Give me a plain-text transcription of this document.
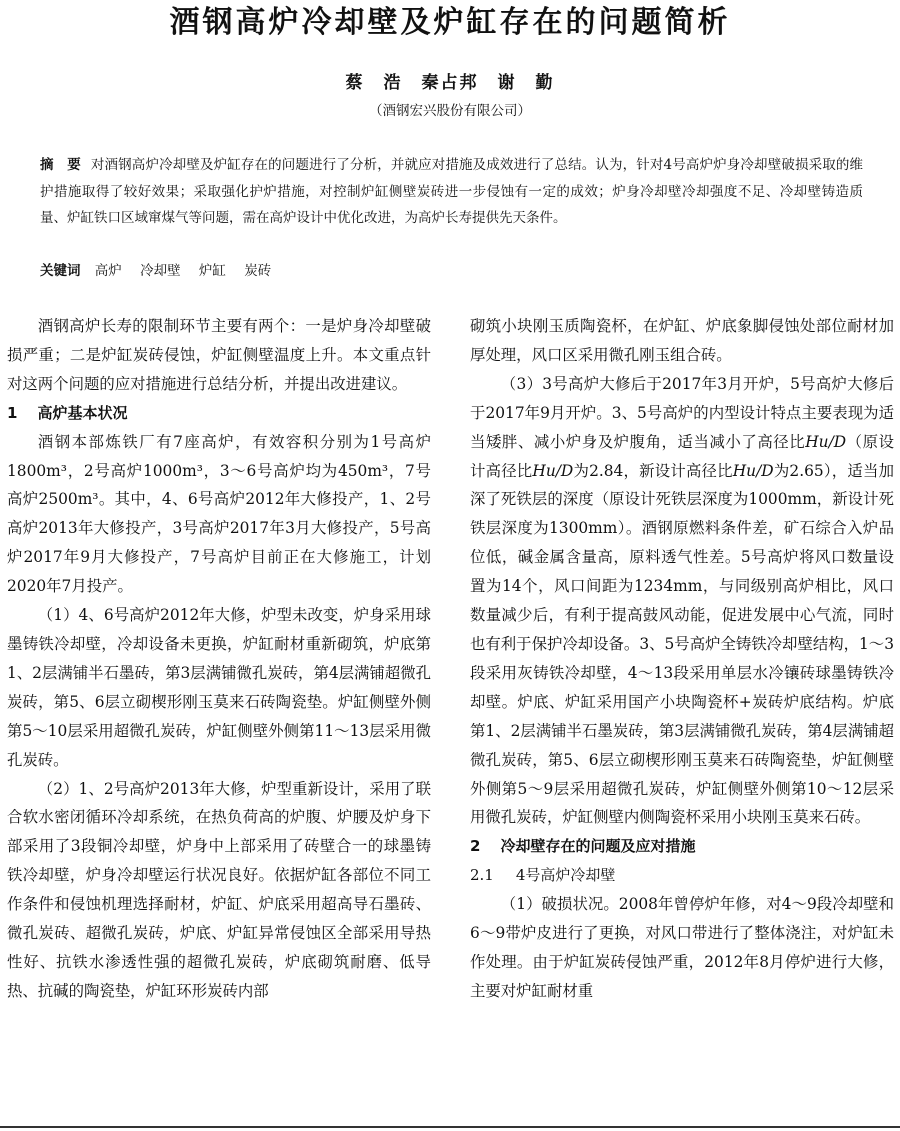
酒钢高炉冷却壁及炉缸存在的问题简析
蔡　浩　秦占邦　谢　勤
（酒钢宏兴股份有限公司）

摘　要 对酒钢高炉冷却壁及炉缸存在的问题进行了分析，并就应对措施及成效进行了总结。认为，针对4号高炉炉身冷却壁破损采取的维护措施取得了较好效果；采取强化护炉措施，对控制炉缸侧壁炭砖进一步侵蚀有一定的成效；炉身冷却壁冷却强度不足、冷却壁铸造质量、炉缸铁口区域窜煤气等问题，需在高炉设计中优化改进，为高炉长寿提供先天条件。

关键词 高炉 冷却壁 炉缸 炭砖

酒钢高炉长寿的限制环节主要有两个：一是炉身冷却壁破损严重；二是炉缸炭砖侵蚀，炉缸侧壁温度上升。本文重点针对这两个问题的应对措施进行总结分析，并提出改进建议。

1 高炉基本状况

酒钢本部炼铁厂有7座高炉，有效容积分别为1号高炉1800m³，2号高炉1000m³，3～6号高炉均为450m³，7号高炉2500m³。其中，4、6号高炉2012年大修投产，1、2号高炉2013年大修投产，3号高炉2017年3月大修投产，5号高炉2017年9月大修投产，7号高炉目前正在大修施工，计划2020年7月投产。

（1）4、6号高炉2012年大修，炉型未改变，炉身采用球墨铸铁冷却壁，冷却设备未更换，炉缸耐材重新砌筑，炉底第1、2层满铺半石墨砖，第3层满铺微孔炭砖，第4层满铺超微孔炭砖，第5、6层立砌楔形刚玉莫来石砖陶瓷垫。炉缸侧壁外侧第5～10层采用超微孔炭砖，炉缸侧壁外侧第11～13层采用微孔炭砖。

（2）1、2号高炉2013年大修，炉型重新设计，采用了联合软水密闭循环冷却系统，在热负荷高的炉腹、炉腰及炉身下部采用了3段铜冷却壁，炉身中上部采用了砖壁合一的球墨铸铁冷却壁，炉身冷却壁运行状况良好。依据炉缸各部位不同工作条件和侵蚀机理选择耐材，炉缸、炉底采用超高导石墨砖、微孔炭砖、超微孔炭砖，炉底、炉缸异常侵蚀区全部采用导热性好、抗铁水渗透性强的超微孔炭砖，炉底砌筑耐磨、低导热、抗碱的陶瓷垫，炉缸环形炭砖内部

砌筑小块刚玉质陶瓷杯，在炉缸、炉底象脚侵蚀处部位耐材加厚处理，风口区采用微孔刚玉组合砖。

（3）3号高炉大修后于2017年3月开炉，5号高炉大修后于2017年9月开炉。3、5号高炉的内型设计特点主要表现为适当矮胖、减小炉身及炉腹角，适当减小了高径比Hu/D（原设计高径比Hu/D为2.84，新设计高径比Hu/D为2.65），适当加深了死铁层的深度（原设计死铁层深度为1000mm，新设计死铁层深度为1300mm）。酒钢原燃料条件差，矿石综合入炉品位低，碱金属含量高，原料透气性差。5号高炉将风口数量设置为14个，风口间距为1234mm，与同级别高炉相比，风口数量减少后，有利于提高鼓风动能，促进发展中心气流，同时也有利于保护冷却设备。3、5号高炉全铸铁冷却壁结构，1～3段采用灰铸铁冷却壁，4～13段采用单层水冷镶砖球墨铸铁冷却壁。炉底、炉缸采用国产小块陶瓷杯+炭砖炉底结构。炉底第1、2层满铺半石墨炭砖，第3层满铺微孔炭砖，第4层满铺超微孔炭砖，第5、6层立砌楔形刚玉莫来石砖陶瓷垫，炉缸侧壁外侧第5～9层采用超微孔炭砖，炉缸侧壁外侧第10～12层采用微孔炭砖，炉缸侧壁内侧陶瓷杯采用小块刚玉莫来石砖。

2 冷却壁存在的问题及应对措施

2.1 4号高炉冷却壁

（1）破损状况。2008年曾停炉年修，对4～9段冷却壁和6～9带炉皮进行了更换，对风口带进行了整体浇注，对炉缸未作处理。由于炉缸炭砖侵蚀严重，2012年8月停炉进行大修，主要对炉缸耐材重
